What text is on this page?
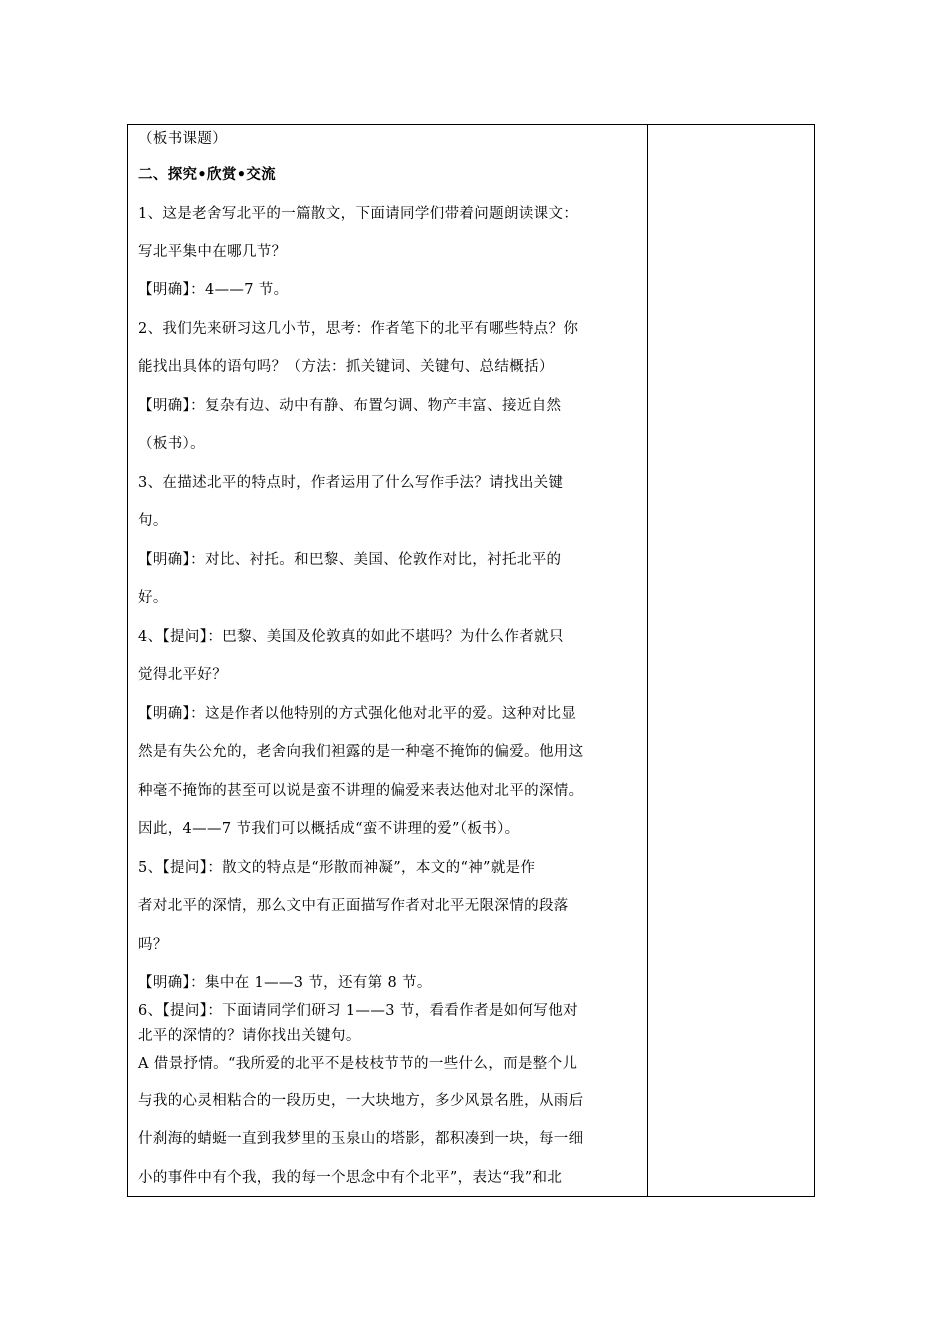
（板书课题）
二、探究•欣赏•交流
1、这是老舍写北平的一篇散文，下面请同学们带着问题朗读课文：
写北平集中在哪几节？
【明确】：4——7 节。
2、我们先来研习这几小节，思考：作者笔下的北平有哪些特点？你
能找出具体的语句吗？（方法：抓关键词、关键句、总结概括）
【明确】：复杂有边、动中有静、布置匀调、物产丰富、接近自然
（板书）。
3、在描述北平的特点时，作者运用了什么写作手法？请找出关键
句。
【明确】：对比、衬托。和巴黎、美国、伦敦作对比，衬托北平的
好。
4、【提问】：巴黎、美国及伦敦真的如此不堪吗？为什么作者就只
觉得北平好？
【明确】：这是作者以他特别的方式强化他对北平的爱。这种对比显
然是有失公允的，老舍向我们袒露的是一种毫不掩饰的偏爱。他用这
种毫不掩饰的甚至可以说是蛮不讲理的偏爱来表达他对北平的深情。
因此，4——7 节我们可以概括成“蛮不讲理的爱”（板书）。
5、【提问】：散文的特点是“形散而神凝”，本文的“神”就是作
者对北平的深情，那么文中有正面描写作者对北平无限深情的段落
吗？
【明确】：集中在 1——3 节，还有第 8 节。
6、【提问】：下面请同学们研习 1——3 节，看看作者是如何写他对
北平的深情的？请你找出关键句。
A 借景抒情。“我所爱的北平不是枝枝节节的一些什么，而是整个儿
与我的心灵相粘合的一段历史，一大块地方，多少风景名胜，从雨后
什刹海的蜻蜓一直到我梦里的玉泉山的塔影，都积凑到一块，每一细
小的事件中有个我，我的每一个思念中有个北平”，表达“我”和北
